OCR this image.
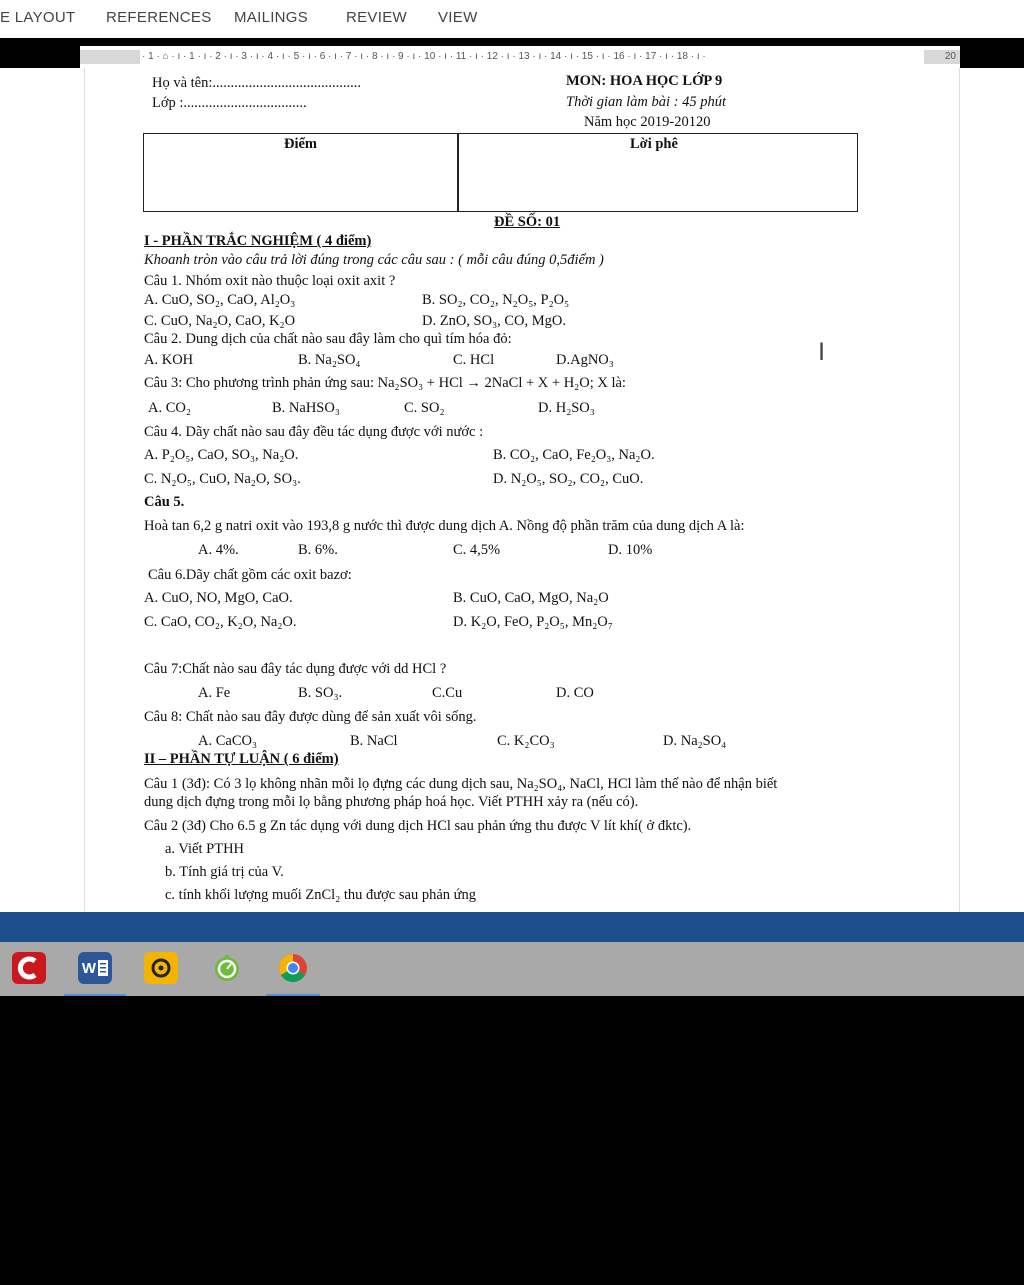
E LAYOUT REFERENCES MAILINGS	REVIEW VIEW
· 1 · ⌂ · ı · 1 · ı · 2 · ı · 3 · ı · 4 · ı · 5 · ı · 6 · ı · 7 · ı · 8 · ı · 9 · ı · 10 · ı · 11 · ı · 12 · ı · 13 · ı · 14 · ı · 15 · ı · 16 · ı · 17 · ı · 18 · ı ·	20
Họ và tên:.........................................
Lớp :..................................
MON: HOA HỌC LỚP 9
Thời gian làm bài : 45 phút
Năm học 2019-20120
Điểm	Lời phê
ĐỀ SỐ: 01
I - PHẦN TRẮC NGHIỆM ( 4 điểm)
Khoanh tròn vào câu trả lời đúng trong các câu sau : ( mỗi câu đúng 0,5điểm )
Câu 1. Nhóm oxit nào thuộc loại oxit axit ?
A. CuO, SO₂, CaO, Al₂O₃	B. SO₂, CO₂, N₂O₅, P₂O₅
C. CuO, Na₂O, CaO, K₂O	D. ZnO, SO₃, CO, MgO.
Câu 2. Dung dịch của chất nào sau đây làm cho quì tím hóa đỏ:
A. KOH	B. Na₂SO₄	C. HCl	D.AgNO₃
Câu 3: Cho phương trình phản ứng sau: Na₂SO₃ + HCl → 2NaCl + X + H₂O; X là:
A. CO₂	B. NaHSO₃	C. SO₂	D. H₂SO₃
Câu 4. Dãy chất nào sau đây đều tác dụng được với nước :
A. P₂O₅, CaO, SO₃, Na₂O.	B. CO₂, CaO, Fe₂O₃, Na₂O.
C. N₂O₅, CuO, Na₂O, SO₃.	D. N₂O₅, SO₂, CO₂, CuO.
Câu 5.
Hoà tan 6,2 g natri oxit vào 193,8 g nước thì được dung dịch A. Nồng độ phần trăm của dung dịch A là:
A. 4%.	B. 6%.	C. 4,5%	D. 10%
Câu 6.Dãy chất gồm các oxit bazơ:
A. CuO, NO, MgO, CaO.	B. CuO, CaO, MgO, Na₂O
C. CaO, CO₂, K₂O, Na₂O.	D. K₂O, FeO, P₂O₅, Mn₂O₇
Câu 7:Chất nào sau đây tác dụng được với dd HCl ?
A. Fe	B. SO₃.	C.Cu	D. CO
Câu 8: Chất nào sau đây được dùng để sản xuất vôi sống.
A. CaCO₃	B. NaCl	C. K₂CO₃	D. Na₂SO₄
II – PHẦN TỰ LUẬN ( 6 điểm)
Câu 1 (3đ): Có 3 lọ không nhãn mỗi lọ đựng các dung dịch sau, Na₂SO₄, NaCl, HCl làm thế nào để nhận biết
dung dịch đựng trong mỗi lọ bằng phương pháp hoá học. Viết PTHH xảy ra (nếu có).
Câu 2 (3đ) Cho 6.5 g Zn tác dụng với dung dịch HCl sau phản ứng thu được V lít khí( ở đktc).
a. Viết PTHH
b. Tính giá trị của V.
c. tính khối lượng muối ZnCl₂ thu được sau phản ứng
I
W
